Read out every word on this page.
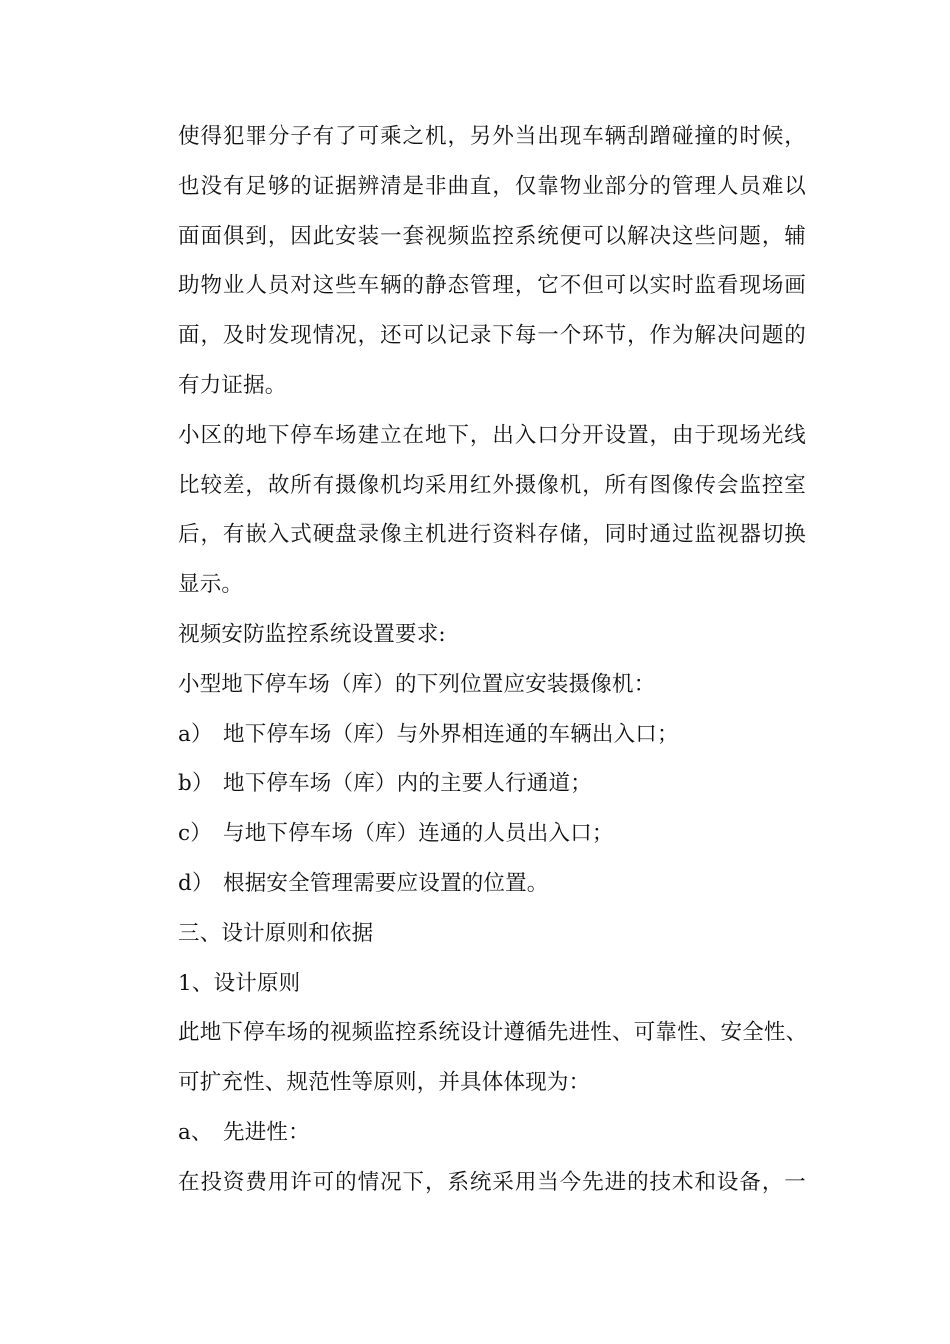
使得犯罪分子有了可乘之机，另外当出现车辆刮蹭碰撞的时候，
也没有足够的证据辨清是非曲直，仅靠物业部分的管理人员难以
面面俱到，因此安装一套视频监控系统便可以解决这些问题，辅
助物业人员对这些车辆的静态管理，它不但可以实时监看现场画
面，及时发现情况，还可以记录下每一个环节，作为解决问题的
有力证据。
小区的地下停车场建立在地下，出入口分开设置，由于现场光线
比较差，故所有摄像机均采用红外摄像机，所有图像传会监控室
后，有嵌入式硬盘录像主机进行资料存储，同时通过监视器切换
显示。
视频安防监控系统设置要求:
小型地下停车场（库）的下列位置应安装摄像机：
a） 地下停车场（库）与外界相连通的车辆出入口；
b） 地下停车场（库）内的主要人行通道；
c） 与地下停车场（库）连通的人员出入口；
d） 根据安全管理需要应设置的位置。
三、设计原则和依据
1、设计原则
此地下停车场的视频监控系统设计遵循先进性、可靠性、安全性、
可扩充性、规范性等原则，并具体体现为：
a、 先进性：
在投资费用许可的情况下，系统采用当今先进的技术和设备，一
